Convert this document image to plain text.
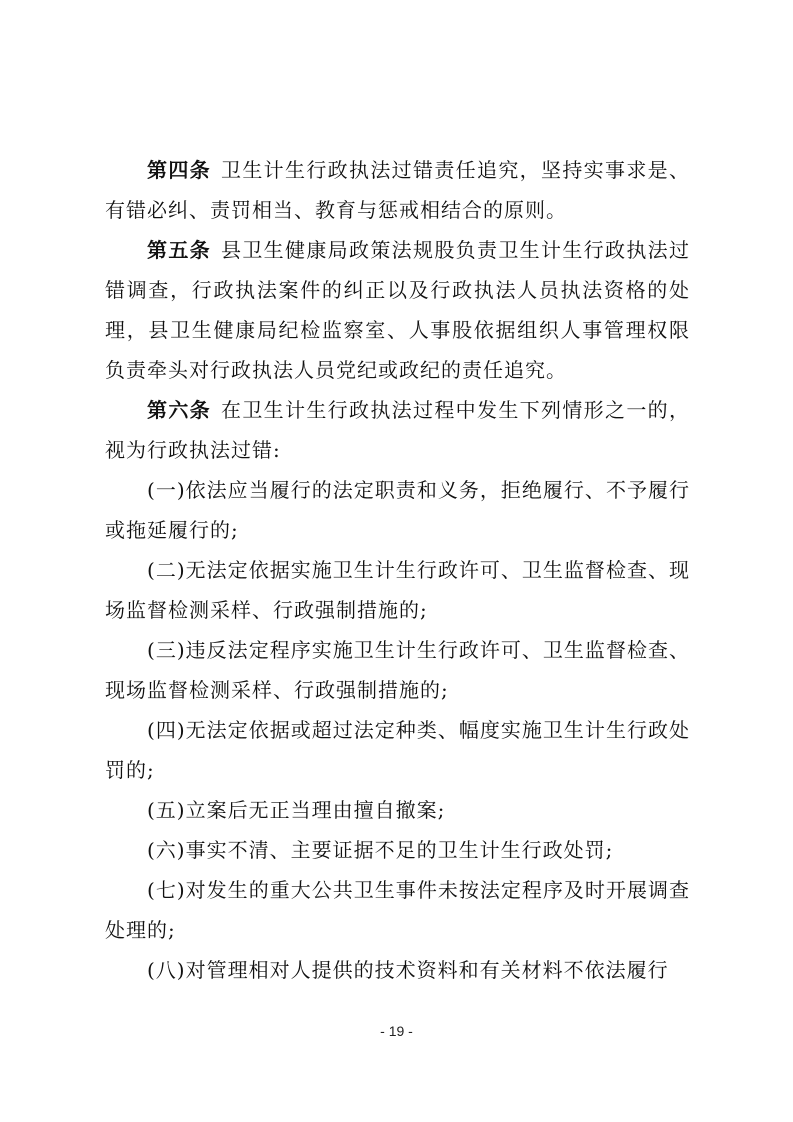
第四条 卫生计生行政执法过错责任追究，坚持实事求是、有错必纠、责罚相当、教育与惩戒相结合的原则。

第五条 县卫生健康局政策法规股负责卫生计生行政执法过错调查，行政执法案件的纠正以及行政执法人员执法资格的处理，县卫生健康局纪检监察室、人事股依据组织人事管理权限负责牵头对行政执法人员党纪或政纪的责任追究。

第六条 在卫生计生行政执法过程中发生下列情形之一的，视为行政执法过错:

(一)依法应当履行的法定职责和义务，拒绝履行、不予履行或拖延履行的;

(二)无法定依据实施卫生计生行政许可、卫生监督检查、现场监督检测采样、行政强制措施的;

(三)违反法定程序实施卫生计生行政许可、卫生监督检查、现场监督检测采样、行政强制措施的;

(四)无法定依据或超过法定种类、幅度实施卫生计生行政处罚的;

(五)立案后无正当理由擅自撤案;

(六)事实不清、主要证据不足的卫生计生行政处罚;

(七)对发生的重大公共卫生事件未按法定程序及时开展调查处理的;

(八)对管理相对人提供的技术资料和有关材料不依法履行

- 19 -
